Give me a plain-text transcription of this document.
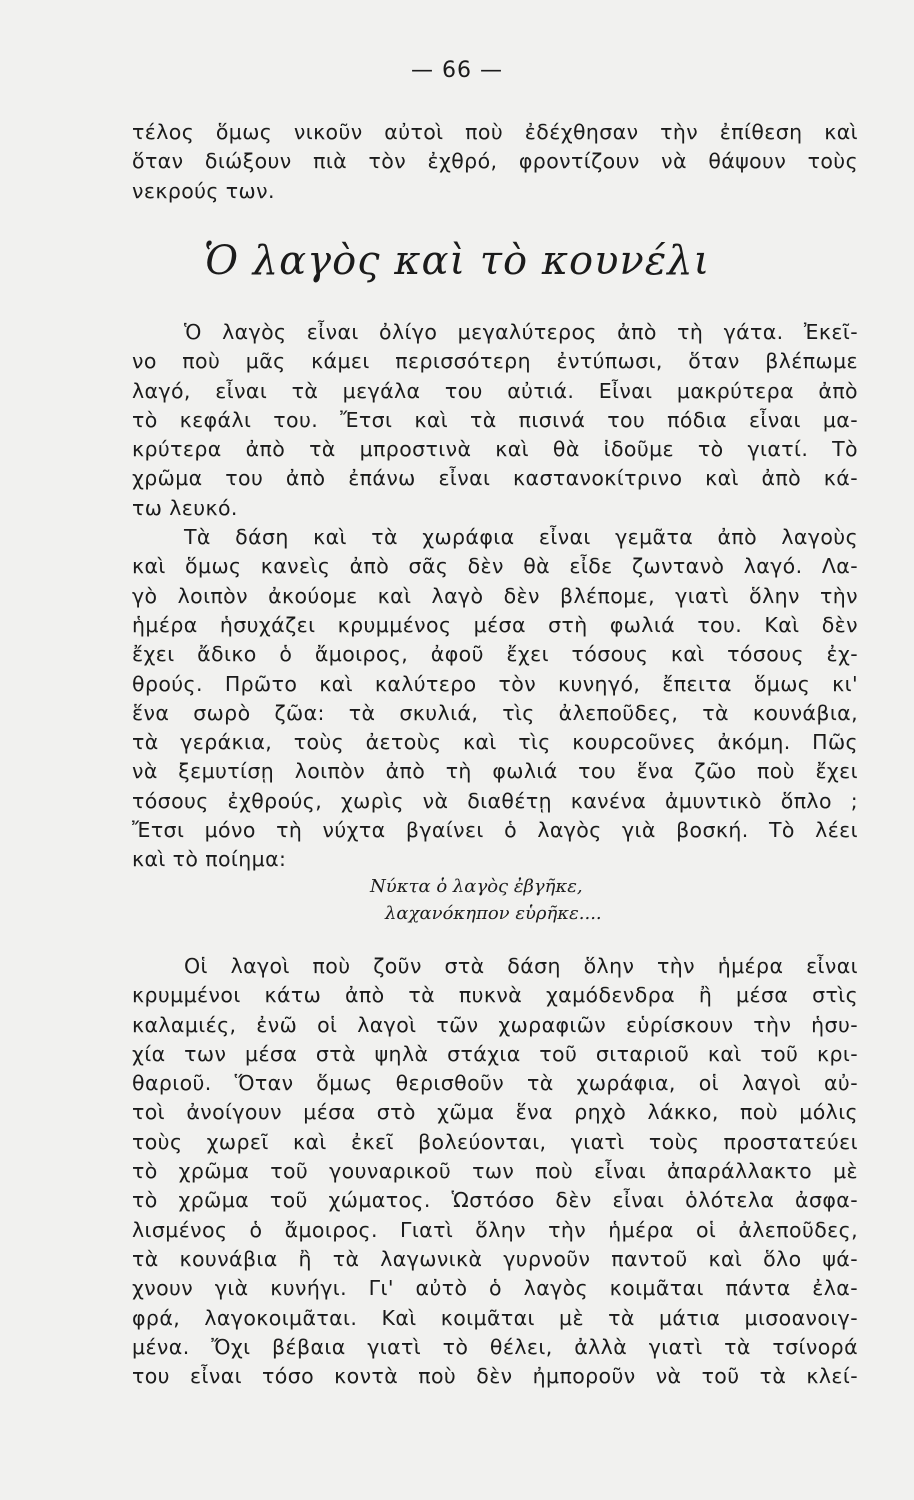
— 66 —
τέλος ὅμως νικοῦν αὐτοὶ ποὺ ἐδέχθησαν τὴν ἐπίθεση καὶ
ὅταν διώξουν πιὰ τὸν ἐχθρό, φροντίζουν νὰ θάψουν τοὺς
νεκρούς των.
Ὁ λαγὸς καὶ τὸ κουνέλι
Ὁ λαγὸς εἶναι ὀλίγο μεγαλύτερος ἀπὸ τὴ γάτα. Ἐκεῖ-
νο ποὺ μᾶς κάμει περισσότερη ἐντύπωσι, ὅταν βλέπωμε
λαγό, εἶναι τὰ μεγάλα του αὐτιά. Εἶναι μακρύτερα ἀπὸ
τὸ κεφάλι του. Ἔτσι καὶ τὰ πισινά του πόδια εἶναι μα-
κρύτερα ἀπὸ τὰ μπροστινὰ καὶ θὰ ἰδοῦμε τὸ γιατί. Τὸ
χρῶμα του ἀπὸ ἐπάνω εἶναι καστανοκίτρινο καὶ ἀπὸ κά-
τω λευκό.
Τὰ δάση καὶ τὰ χωράφια εἶναι γεμᾶτα ἀπὸ λαγοὺς
καὶ ὅμως κανεὶς ἀπὸ σᾶς δὲν θὰ εἶδε ζωντανὸ λαγό. Λα-
γὸ λοιπὸν ἀκούομε καὶ λαγὸ δὲν βλέπομε, γιατὶ ὅλην τὴν
ἡμέρα ἡσυχάζει κρυμμένος μέσα στὴ φωλιά του. Καὶ δὲν
ἔχει ἄδικο ὁ ἄμοιρος, ἀφοῦ ἔχει τόσους καὶ τόσους ἐχ-
θρούς. Πρῶτο καὶ καλύτερο τὸν κυνηγό, ἔπειτα ὅμως κι'
ἕνα σωρὸ ζῶα: τὰ σκυλιά, τὶς ἀλεποῦδες, τὰ κουνάβια,
τὰ γεράκια, τοὺς ἀετοὺς καὶ τὶς κουρcοῦνες ἀκόμη. Πῶς
νὰ ξεμυτίσῃ λοιπὸν ἀπὸ τὴ φωλιά του ἕνα ζῶο ποὺ ἔχει
τόσους ἐχθρούς, χωρὶς νὰ διαθέτῃ κανένα ἀμυντικὸ ὅπλο ;
Ἔτσι μόνο τὴ νύχτα βγαίνει ὁ λαγὸς γιὰ βοσκή. Τὸ λέει
καὶ τὸ ποίημα:
Νύκτα ὁ λαγὸς ἐβγῆκε,
λαχανόκηπον εὑρῆκε....
Οἱ λαγοὶ ποὺ ζοῦν στὰ δάση ὅλην τὴν ἡμέρα εἶναι
κρυμμένοι κάτω ἀπὸ τὰ πυκνὰ χαμόδενδρα ἢ μέσα στὶς
καλαμιές, ἐνῶ οἱ λαγοὶ τῶν χωραφιῶν εὑρίσκουν τὴν ἡσυ-
χία των μέσα στὰ ψηλὰ στάχια τοῦ σιταριοῦ καὶ τοῦ κρι-
θαριοῦ. Ὅταν ὅμως θερισθοῦν τὰ χωράφια, οἱ λαγοὶ αὐ-
τοὶ ἀνοίγουν μέσα στὸ χῶμα ἕνα ρηχὸ λάκκο, ποὺ μόλις
τοὺς χωρεῖ καὶ ἐκεῖ βολεύονται, γιατὶ τοὺς προστατεύει
τὸ χρῶμα τοῦ γουναρικοῦ των ποὺ εἶναι ἀπαράλλακτο μὲ
τὸ χρῶμα τοῦ χώματος. Ὡστόσο δὲν εἶναι ὁλότελα ἀσφα-
λισμένος ὁ ἄμοιρος. Γιατὶ ὅλην τὴν ἡμέρα οἱ ἀλεποῦδες,
τὰ κουνάβια ἢ τὰ λαγωνικὰ γυρνοῦν παντοῦ καὶ ὅλο ψά-
χνουν γιὰ κυνήγι. Γι' αὐτὸ ὁ λαγὸς κοιμᾶται πάντα ἐλα-
φρά, λαγοκοιμᾶται. Καὶ κοιμᾶται μὲ τὰ μάτια μισοανοιγ-
μένα. Ὄχι βέβαια γιατὶ τὸ θέλει, ἀλλὰ γιατὶ τὰ τσίνορά
του εἶναι τόσο κοντὰ ποὺ δὲν ἠμποροῦν νὰ τοῦ τὰ κλεί-
